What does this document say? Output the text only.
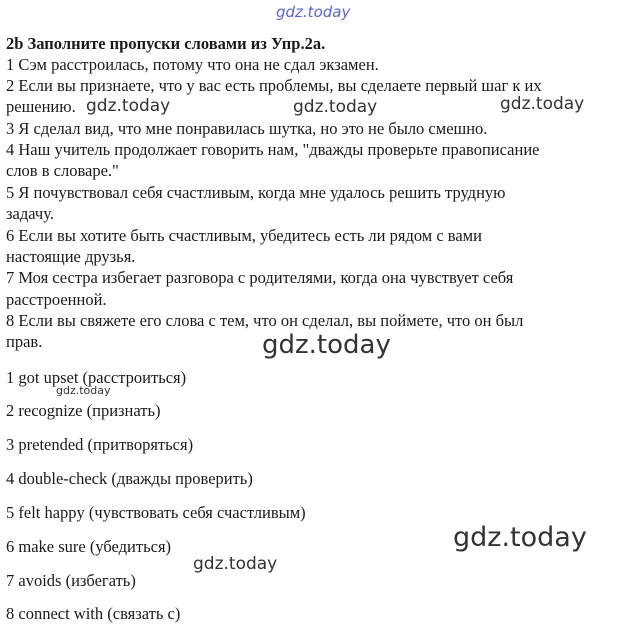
gdz.today
2b Заполните пропуски словами из Упр.2а.
1 Сэм расстроилась, потому что она не сдал экзамен.
2 Если вы признаете, что у вас есть проблемы, вы сделаете первый шаг к их
решению.
3 Я сделал вид, что мне понравилась шутка, но это не было смешно.
4 Наш учитель продолжает говорить нам, "дважды проверьте правописание
слов в словаре."
5 Я почувствовал себя счастливым, когда мне удалось решить трудную
задачу.
6 Если вы хотите быть счастливым, убедитесь есть ли рядом с вами
настоящие друзья.
7 Моя сестра избегает разговора с родителями, когда она чувствует себя
расстроенной.
8 Если вы свяжете его слова с тем, что он сделал, вы поймете, что он был
прав.
1 got upset (расстроиться)
2 recognize (признать)
3 pretended (притворяться)
4 double-check (дважды проверить)
5 felt happy (чувствовать себя счастливым)
6 make sure (убедиться)
7 avoids (избегать)
8 connect with (связать с)
gdz.today	gdz.today	gdz.today
gdz.today
gdz.today
gdz.today
gdz.today
